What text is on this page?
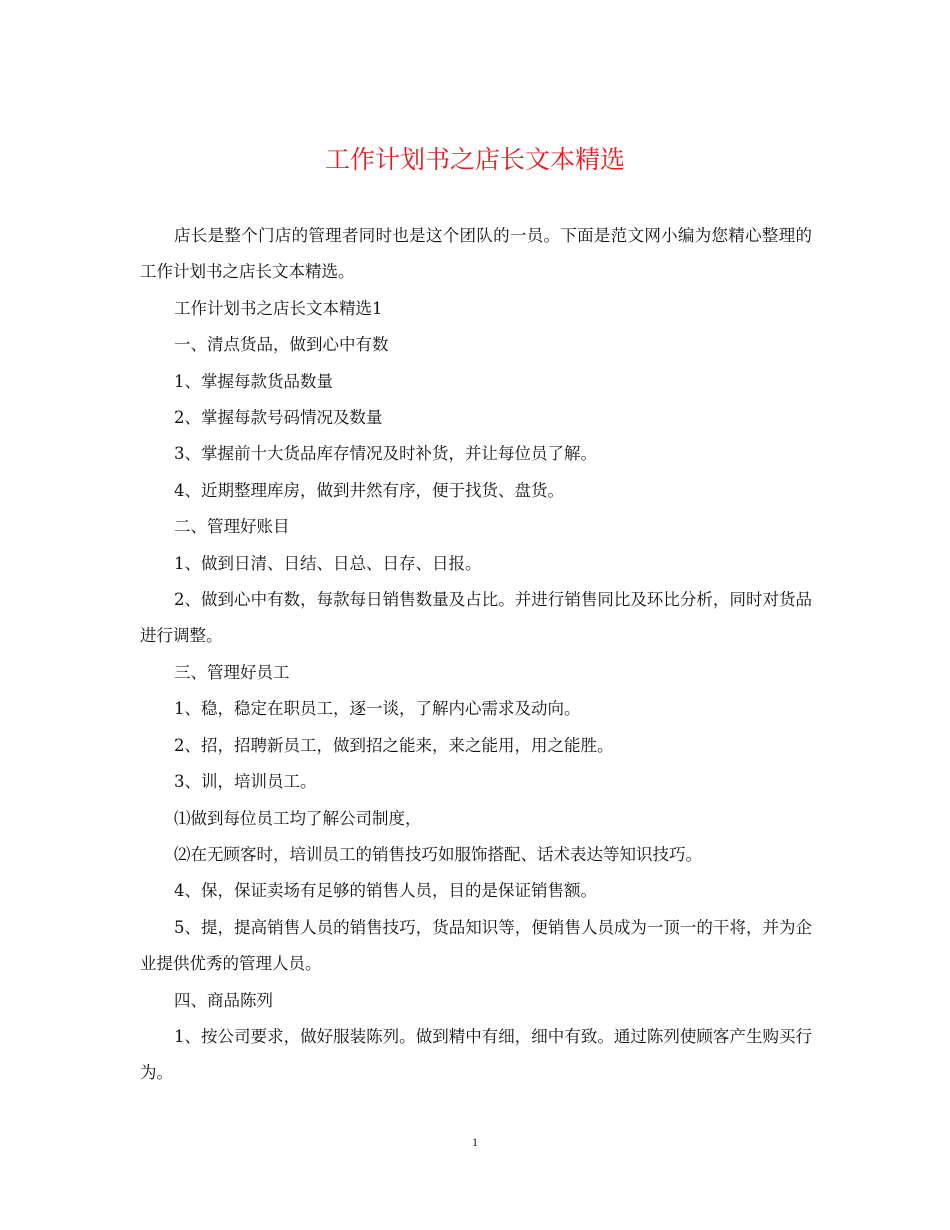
工作计划书之店长文本精选

店长是整个门店的管理者同时也是这个团队的一员。下面是范文网小编为您精心整理的工作计划书之店长文本精选。

工作计划书之店长文本精选1

一、清点货品，做到心中有数

1、掌握每款货品数量

2、掌握每款号码情况及数量

3、掌握前十大货品库存情况及时补货，并让每位员了解。

4、近期整理库房，做到井然有序，便于找货、盘货。

二、管理好账目

1、做到日清、日结、日总、日存、日报。

2、做到心中有数，每款每日销售数量及占比。并进行销售同比及环比分析，同时对货品进行调整。

三、管理好员工

1、稳，稳定在职员工，逐一谈，了解内心需求及动向。

2、招，招聘新员工，做到招之能来，来之能用，用之能胜。

3、训，培训员工。

⑴做到每位员工均了解公司制度，

⑵在无顾客时，培训员工的销售技巧如服饰搭配、话术表达等知识技巧。

4、保，保证卖场有足够的销售人员，目的是保证销售额。

5、提，提高销售人员的销售技巧，货品知识等，便销售人员成为一顶一的干将，并为企业提供优秀的管理人员。

四、商品陈列

1、按公司要求，做好服装陈列。做到精中有细，细中有致。通过陈列使顾客产生购买行为。

1
